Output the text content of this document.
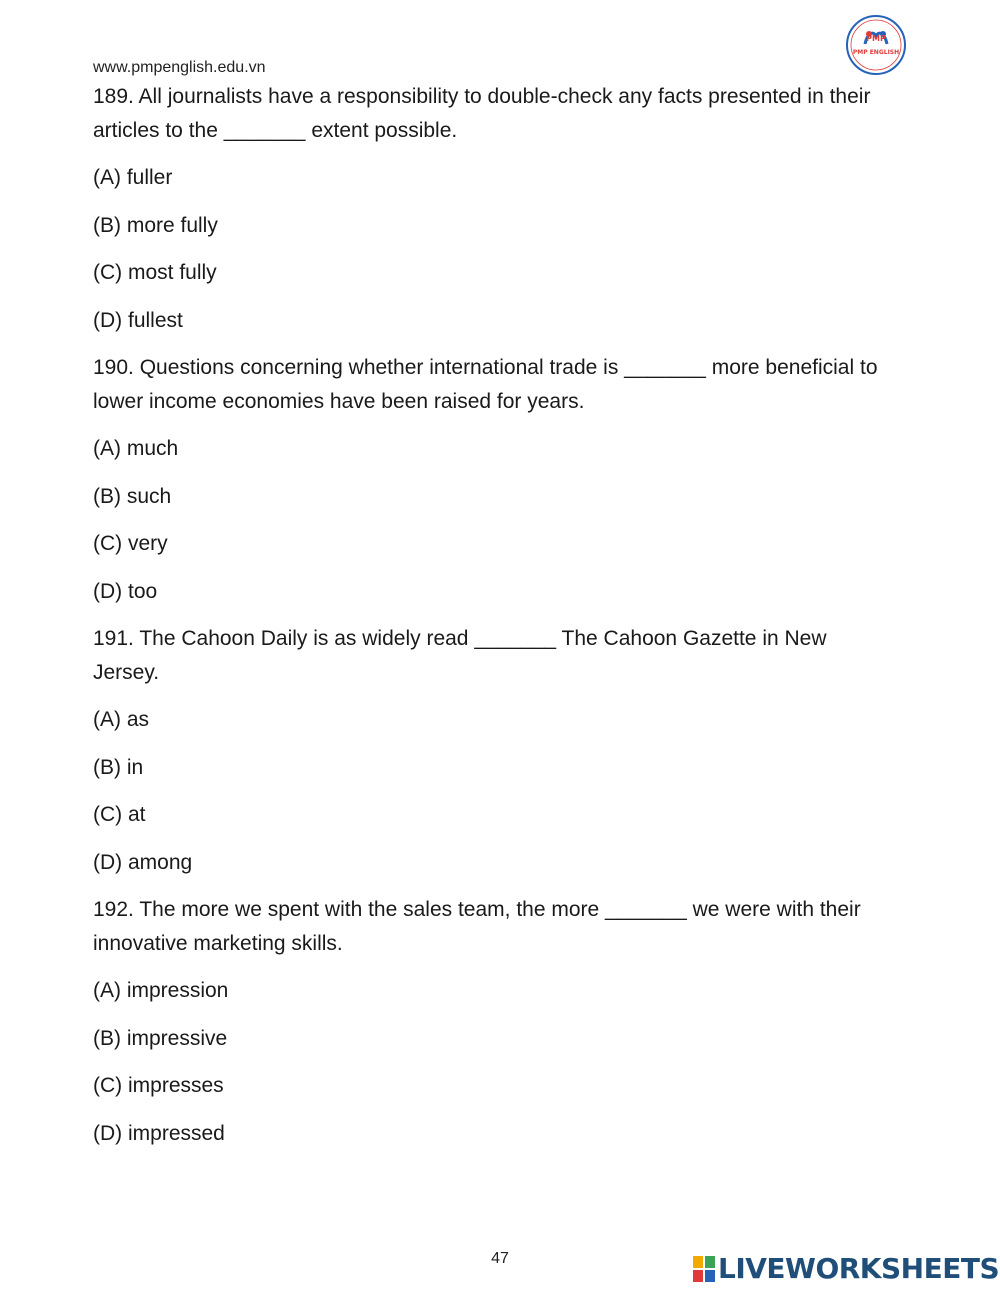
www.pmpenglish.edu.vn
PMP
PMP ENGLISH

189. All journalists have a responsibility to double-check any facts presented in their articles to the _______ extent possible.

(A) fuller

(B) more fully

(C) most fully

(D) fullest

190. Questions concerning whether international trade is _______ more beneficial to lower income economies have been raised for years.

(A) much

(B) such

(C) very

(D) too

191. The Cahoon Daily is as widely read _______ The Cahoon Gazette in New Jersey.

(A) as

(B) in

(C) at

(D) among

192. The more we spent with the sales team, the more _______ we were with their innovative marketing skills.

(A) impression

(B) impressive

(C) impresses

(D) impressed

47	LIVEWORKSHEETS
